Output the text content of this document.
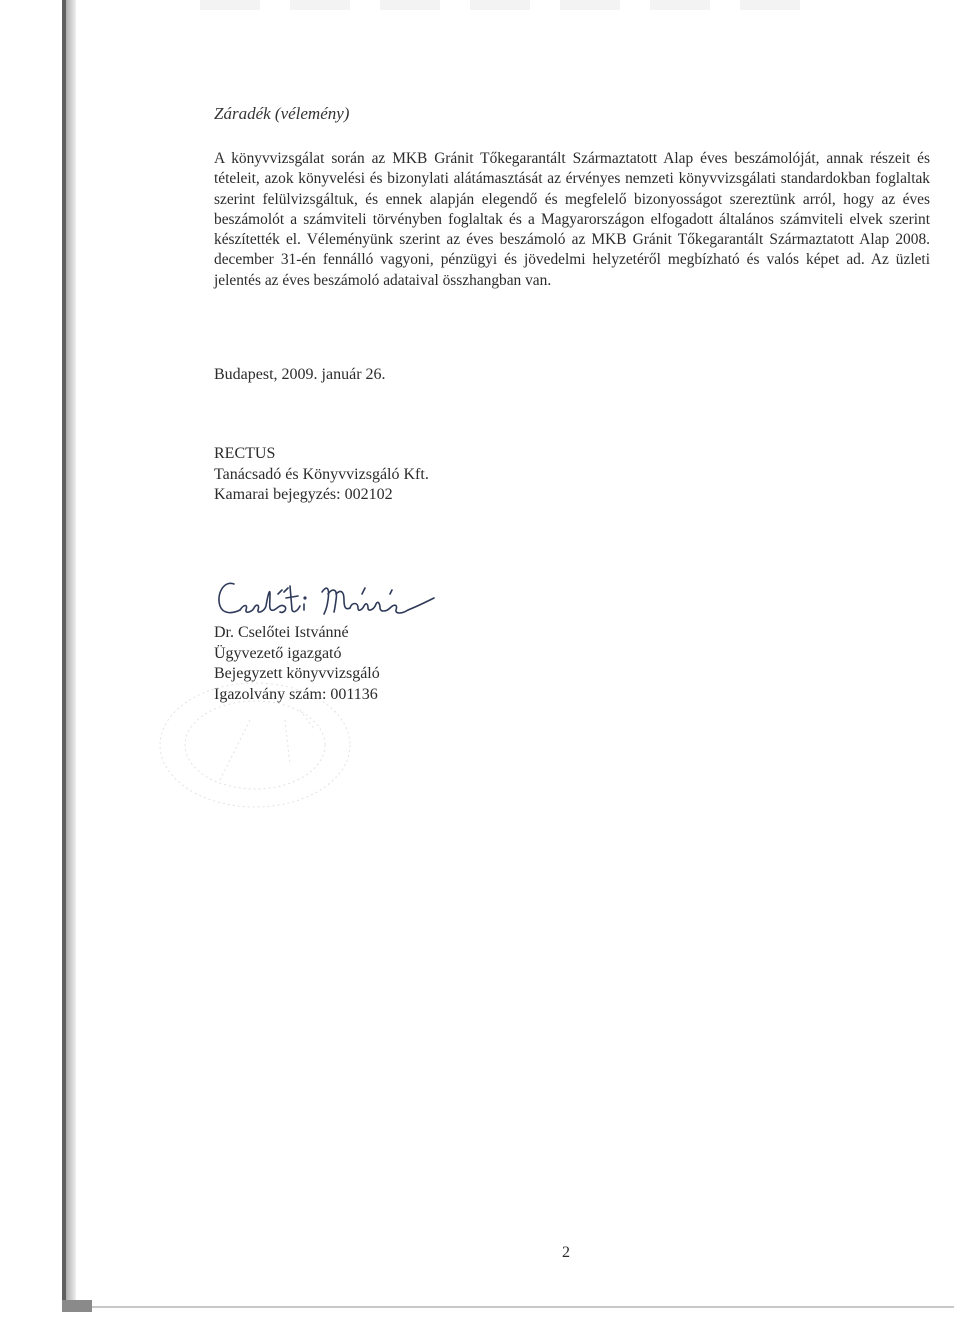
Záradék (vélemény)

A könyvvizsgálat során az MKB Gránit Tőkegarantált Származtatott Alap éves beszámolóját, annak részeit és tételeit, azok könyvelési és bizonylati alátámasztását az érvényes nemzeti könyvvizsgálati standardokban foglaltak szerint felülvizsgáltuk, és ennek alapján elegendő és megfelelő bizonyosságot szereztünk arról, hogy az éves beszámolót a számviteli törvényben foglaltak és a Magyarországon elfogadott általános számviteli elvek szerint készítették el. Véleményünk szerint az éves beszámoló az MKB Gránit Tőkegarantált Származtatott Alap 2008. december 31-én fennálló vagyoni, pénzügyi és jövedelmi helyzetéről megbízható és valós képet ad. Az üzleti jelentés az éves beszámoló adataival összhangban van.
Budapest, 2009. január 26.
RECTUS
Tanácsadó és Könyvvizsgáló Kft.
Kamarai bejegyzés: 002102
Dr. Cselőtei Istvánné
Ügyvezető igazgató
Bejegyzett könyvvizsgáló
Igazolvány szám: 001136
2
